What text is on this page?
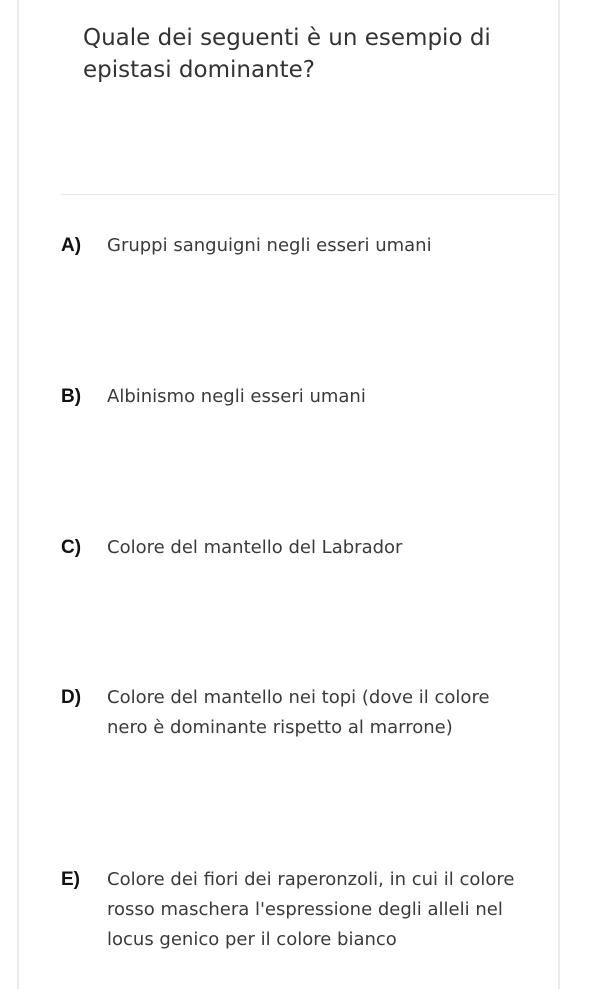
Quale dei seguenti è un esempio di epistasi dominante?
A)	Gruppi sanguigni negli esseri umani
B)	Albinismo negli esseri umani
C)	Colore del mantello del Labrador
D)	Colore del mantello nei topi (dove il colore nero è dominante rispetto al marrone)
E)	Colore dei fiori dei raperonzoli, in cui il colore rosso maschera l'espressione degli alleli nel locus genico per il colore bianco
